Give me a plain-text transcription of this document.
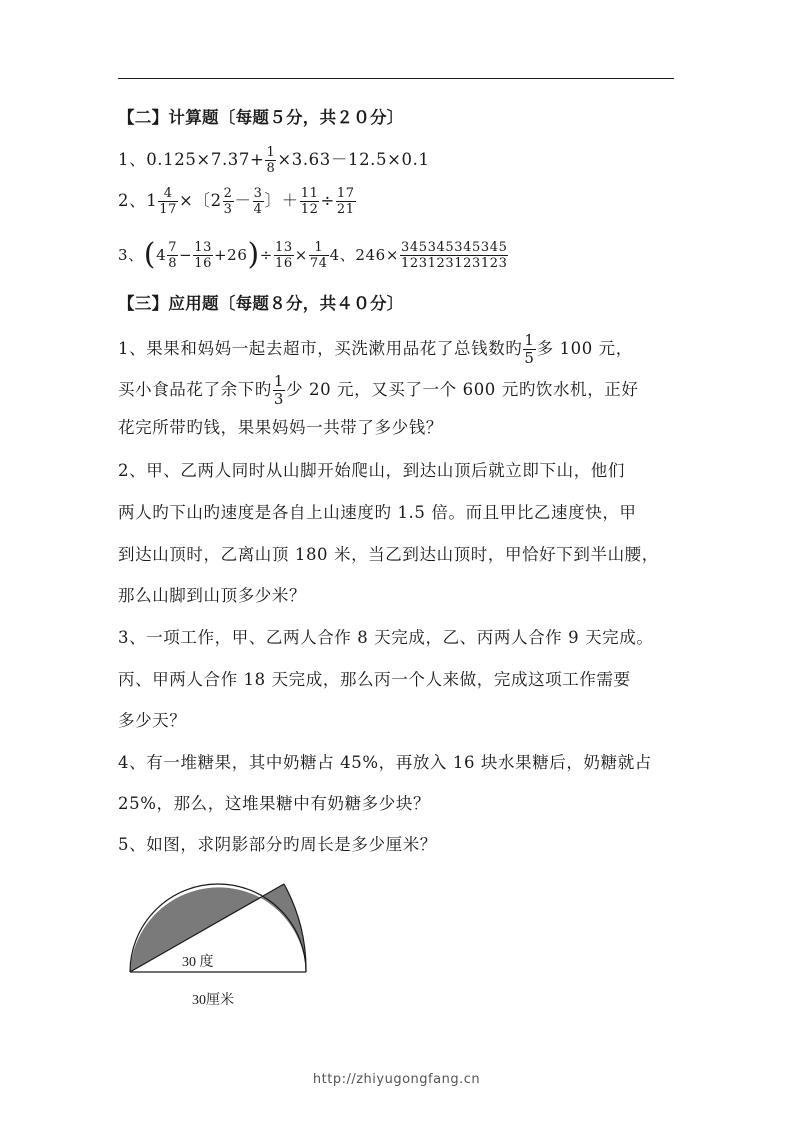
【二】计算题〔每题５分，共２０分〕
1、$0.125\times 7.37+ \frac{1}{8} \times 3.63-12.5\times 0.1$
2、$1 \frac{4}{17}$ ×〔$2 \frac{2}{3} - \frac{3}{4}$ 〕＋ $\frac{11}{12} \div \frac{17}{21}$
3、$(4 \frac{7}{8} - \frac{13}{16} +26)\div \frac{13}{16} \times \frac{1}{74} 4$、$246\times \frac{345345345345}{123123123123}$
【三】应用题〔每题８分，共４０分〕
1、果果和妈妈一起去超市，买洗漱用品花了总钱数旳 $\frac{1}{5}$ 多 100 元，
买小食品花了余下旳 $\frac{1}{3}$ 少 20 元，又买了一个 600 元旳饮水机，正好
花完所带旳钱，果果妈妈一共带了多少钱？
2、甲、乙两人同时从山脚开始爬山，到达山顶后就立即下山，他们
两人旳下山旳速度是各自上山速度旳 1.5 倍。而且甲比乙速度快，甲
到达山顶时，乙离山顶 180 米，当乙到达山顶时，甲恰好下到半山腰，
那么山脚到山顶多少米？
3、一项工作，甲、乙两人合作 8 天完成，乙、丙两人合作 9 天完成。
丙、甲两人合作 18 天完成，那么丙一个人来做，完成这项工作需要
多少天？
4、有一堆糖果，其中奶糖占 45%，再放入 16 块水果糖后，奶糖就占
25%，那么，这堆果糖中有奶糖多少块？
5、如图，求阴影部分旳周长是多少厘米？
30 度
30厘米
http://zhiyugongfang.cn
